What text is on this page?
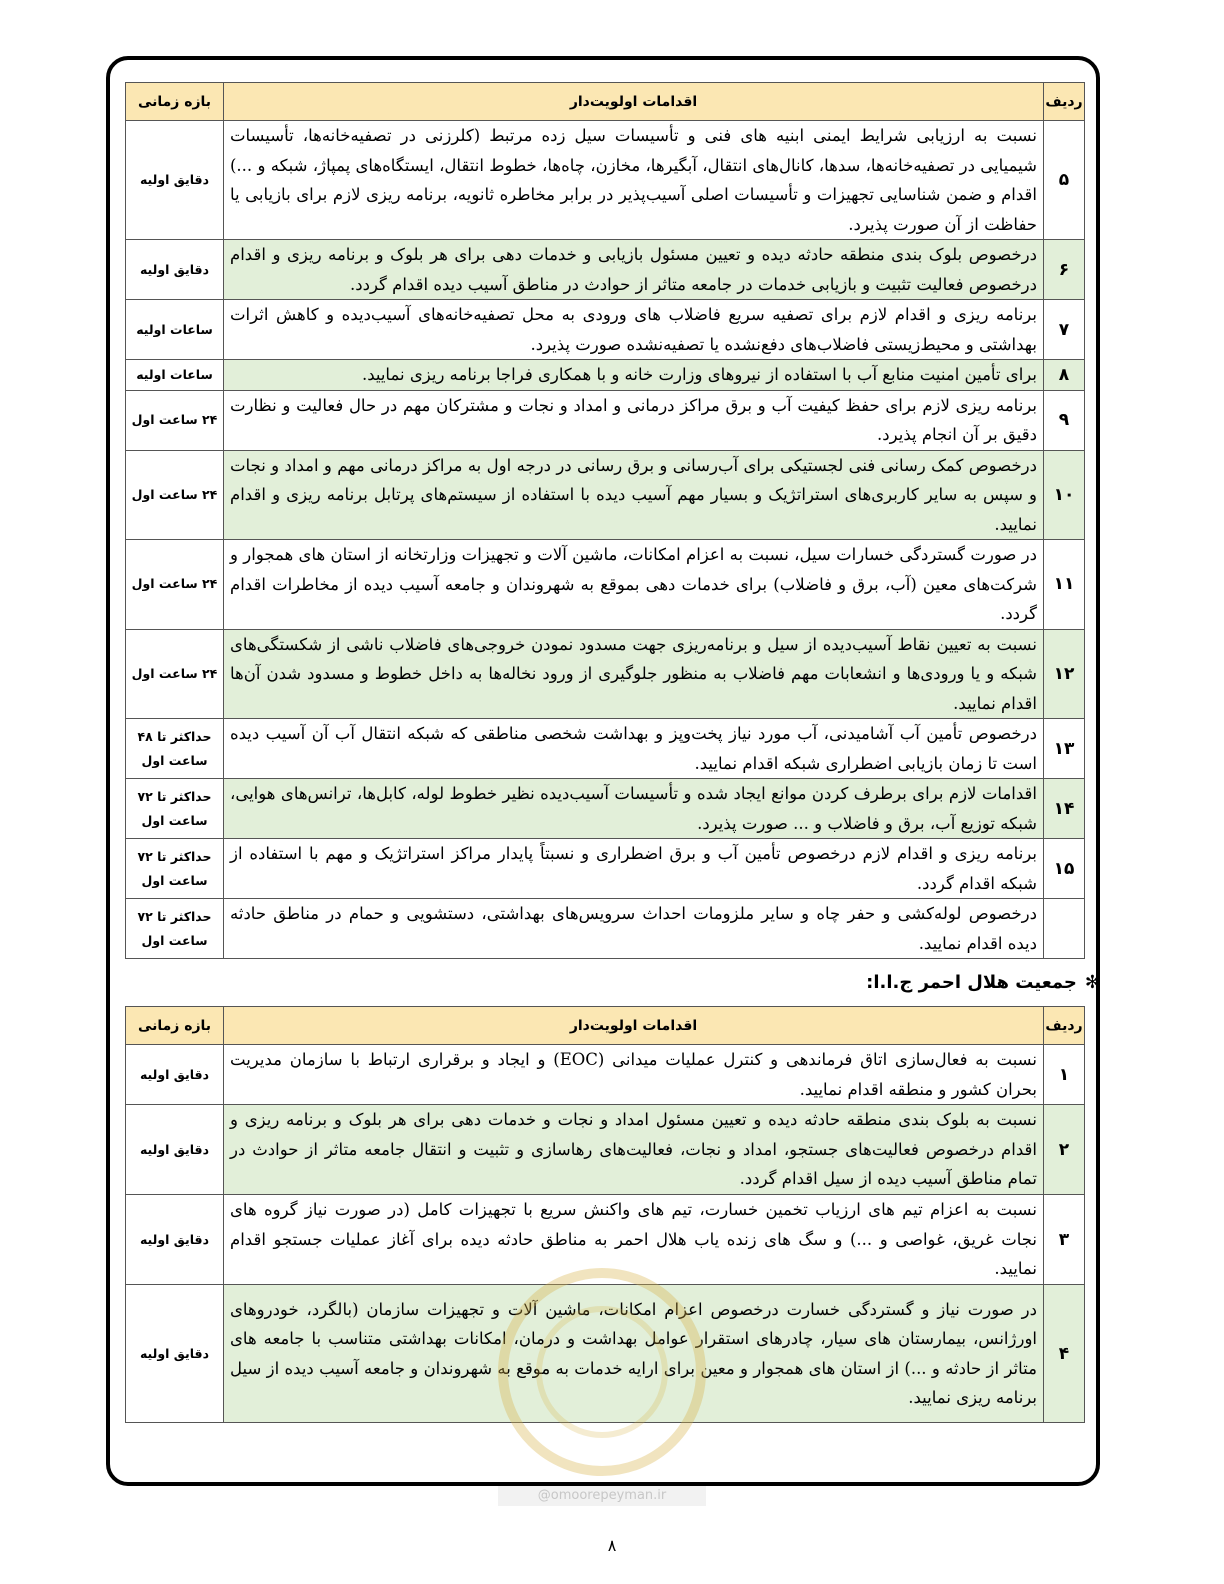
ردیف	اقدامات اولویت‌دار	بازه زمانی
۵	نسبت به ارزیابی شرایط ایمنی ابنیه های فنی و تأسیسات سیل زده مرتبط (کلرزنی در تصفیه‌خانه‌ها، تأسیسات شیمیایی در تصفیه‌خانه‌ها، سدها، کانال‌های انتقال، آبگیرها، مخازن، چاه‌ها، خطوط انتقال، ایستگاه‌های پمپاژ، شبکه و ...) اقدام و ضمن شناسایی تجهیزات و تأسیسات اصلی آسیب‌پذیر در برابر مخاطره ثانویه، برنامه ریزی لازم برای بازیابی یا حفاظت از آن صورت پذیرد.	دقایق اولیه
۶	درخصوص بلوک بندی منطقه حادثه دیده و تعیین مسئول بازیابی و خدمات دهی برای هر بلوک و برنامه ریزی و اقدام درخصوص فعالیت تثبیت و بازیابی خدمات در جامعه متاثر از حوادث در مناطق آسیب دیده اقدام گردد.	دقایق اولیه
۷	برنامه ریزی و اقدام لازم برای تصفیه سریع فاضلاب های ورودی به محل تصفیه‌خانه‌های آسیب‌دیده و کاهش اثرات بهداشتی و محیط‌زیستی فاضلاب‌های دفع‌نشده یا تصفیه‌نشده صورت پذیرد.	ساعات اولیه
۸	برای تأمین امنیت منابع آب با استفاده از نیروهای وزارت خانه و با همکاری فراجا برنامه ریزی نمایید.	ساعات اولیه
۹	برنامه ریزی لازم برای حفظ کیفیت آب و برق مراکز درمانی و امداد و نجات و مشترکان مهم در حال فعالیت و نظارت دقیق بر آن انجام پذیرد.	۲۴ ساعت اول
۱۰	درخصوص کمک رسانی فنی لجستیکی برای آب‌رسانی و برق رسانی در درجه اول به مراکز درمانی مهم و امداد و نجات و سپس به سایر کاربری‌های استراتژیک و بسیار مهم آسیب دیده با استفاده از سیستم‌های پرتابل برنامه ریزی و اقدام نمایید.	۲۴ ساعت اول
۱۱	در صورت گستردگی خسارات سیل، نسبت به اعزام امکانات، ماشین آلات و تجهیزات وزارتخانه از استان های همجوار و شرکت‌های معین (آب، برق و فاضلاب) برای خدمات دهی بموقع به شهروندان و جامعه آسیب دیده از مخاطرات اقدام گردد.	۲۴ ساعت اول
۱۲	نسبت به تعیین نقاط آسیب‌دیده از سیل و برنامه‌ریزی جهت مسدود نمودن خروجی‌های فاضلاب ناشی از شکستگی‌های شبکه و یا ورودی‌ها و انشعابات مهم فاضلاب به منظور جلوگیری از ورود نخاله‌ها به داخل خطوط و مسدود شدن آن‌ها اقدام نمایید.	۲۴ ساعت اول
۱۳	درخصوص تأمین آب آشامیدنی، آب مورد نیاز پخت‌وپز و بهداشت شخصی مناطقی که شبکه انتقال آب آن آسیب دیده است تا زمان بازیابی اضطراری شبکه اقدام نمایید.	حداکثر تا ۴۸ ساعت اول
۱۴	اقدامات لازم برای برطرف کردن موانع ایجاد شده و تأسیسات آسیب‌دیده نظیر خطوط لوله، کابل‌ها، ترانس‌های هوایی، شبکه توزیع آب، برق و فاضلاب و ... صورت پذیرد.	حداکثر تا ۷۲ ساعت اول
۱۵	برنامه ریزی و اقدام لازم درخصوص تأمین آب و برق اضطراری و نسبتاً پایدار مراکز استراتژیک و مهم با استفاده از شبکه اقدام گردد.	حداکثر تا ۷۲ ساعت اول
	درخصوص لوله‌کشی و حفر چاه و سایر ملزومات احداث سرویس‌های بهداشتی، دستشویی و حمام در مناطق حادثه دیده اقدام نمایید.	حداکثر تا ۷۲ ساعت اول
✻جمعیت هلال احمر ج.ا.ا:
ردیف	اقدامات اولویت‌دار	بازه زمانی
۱	نسبت به فعال‌سازی اتاق فرماندهی و کنترل عملیات میدانی (EOC) و ایجاد و برقراری ارتباط با سازمان مدیریت بحران کشور و منطقه اقدام نمایید.	دقایق اولیه
۲	نسبت به بلوک بندی منطقه حادثه دیده و تعیین مسئول امداد و نجات و خدمات دهی برای هر بلوک و برنامه ریزی و اقدام درخصوص فعالیت‌های جستجو، امداد و نجات، فعالیت‌های رهاسازی و تثبیت و انتقال جامعه متاثر از حوادث در تمام مناطق آسیب دیده از سیل اقدام گردد.	دقایق اولیه
۳	نسبت به اعزام تیم های ارزیاب تخمین خسارت، تیم های واکنش سریع با تجهیزات کامل (در صورت نیاز گروه های نجات غریق، غواصی و ...) و سگ های زنده یاب هلال احمر به مناطق حادثه دیده برای آغاز عملیات جستجو اقدام نمایید.	دقایق اولیه
۴	در صورت نیاز و گستردگی خسارت درخصوص اعزام امکانات، ماشین آلات و تجهیزات سازمان (بالگرد، خودروهای اورژانس، بیمارستان های سیار، چادرهای استقرار عوامل بهداشت و درمان، امکانات بهداشتی متناسب با جامعه های متاثر از حادثه و ...) از استان های همجوار و معین برای ارایه خدمات به موقع به شهروندان و جامعه آسیب دیده از سیل برنامه ریزی نمایید.	دقایق اولیه
@omoorepeyman.ir
۸
